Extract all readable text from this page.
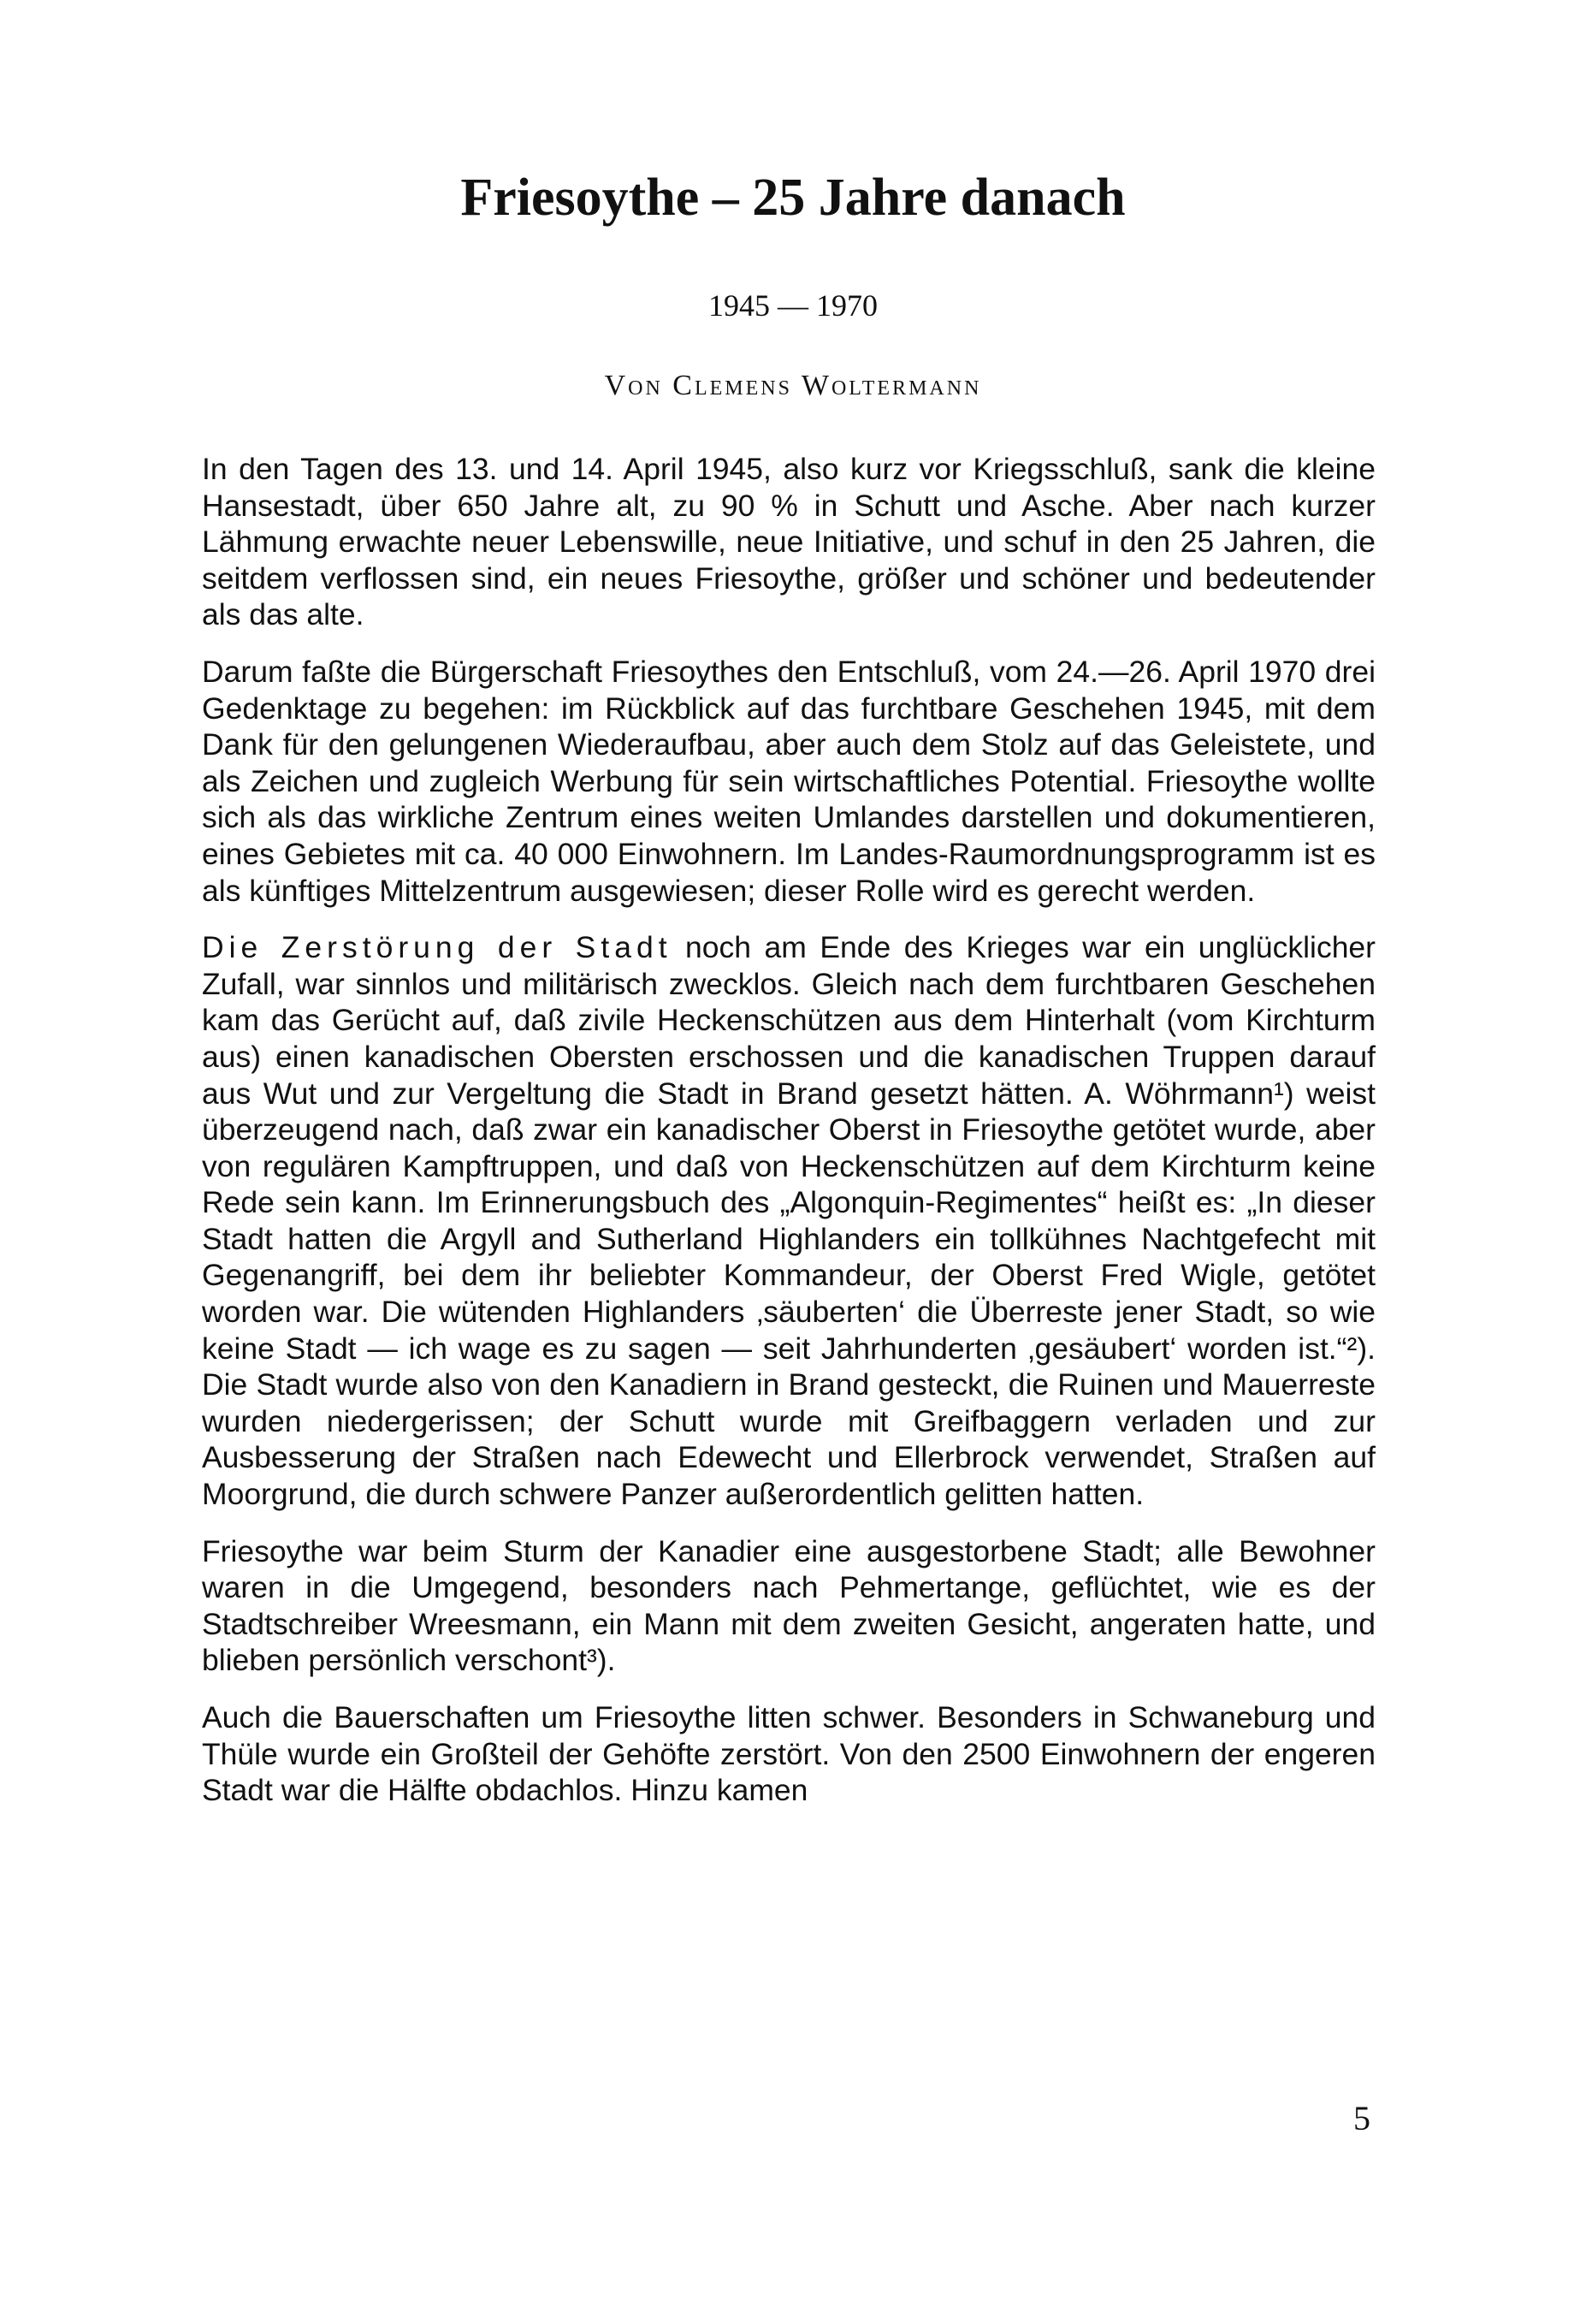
Friesoythe ‒ 25 Jahre danach
1945 — 1970
Von Clemens Woltermann

In den Tagen des 13. und 14. April 1945, also kurz vor Kriegsschluß, sank die kleine Hansestadt, über 650 Jahre alt, zu 90 % in Schutt und Asche. Aber nach kurzer Lähmung erwachte neuer Lebenswille, neue Initiative, und schuf in den 25 Jahren, die seitdem verflossen sind, ein neues Friesoythe, größer und schöner und bedeutender als das alte.

Darum faßte die Bürgerschaft Friesoythes den Entschluß, vom 24.—26. April 1970 drei Gedenktage zu begehen: im Rückblick auf das furchtbare Geschehen 1945, mit dem Dank für den gelungenen Wiederaufbau, aber auch dem Stolz auf das Geleistete, und als Zeichen und zugleich Werbung für sein wirtschaftliches Potential. Friesoythe wollte sich als das wirkliche Zentrum eines weiten Umlandes darstellen und dokumentieren, eines Gebietes mit ca. 40 000 Einwohnern. Im Landes-Raumordnungsprogramm ist es als künftiges Mittelzentrum ausgewiesen; dieser Rolle wird es gerecht werden.

Die Zerstörung der Stadt noch am Ende des Krieges war ein unglücklicher Zufall, war sinnlos und militärisch zwecklos. Gleich nach dem furchtbaren Geschehen kam das Gerücht auf, daß zivile Heckenschützen aus dem Hinterhalt (vom Kirchturm aus) einen kanadischen Obersten erschossen und die kanadischen Truppen darauf aus Wut und zur Vergeltung die Stadt in Brand gesetzt hätten. A. Wöhrmann¹) weist überzeugend nach, daß zwar ein kanadischer Oberst in Friesoythe getötet wurde, aber von regulären Kampftruppen, und daß von Heckenschützen auf dem Kirchturm keine Rede sein kann. Im Erinnerungsbuch des „Algonquin-Regimentes“ heißt es: „In dieser Stadt hatten die Argyll and Sutherland Highlanders ein tollkühnes Nachtgefecht mit Gegenangriff, bei dem ihr beliebter Kommandeur, der Oberst Fred Wigle, getötet worden war. Die wütenden Highlanders ‚säuberten‘ die Überreste jener Stadt, so wie keine Stadt — ich wage es zu sagen — seit Jahrhunderten ‚gesäubert‘ worden ist.“²). Die Stadt wurde also von den Kanadiern in Brand gesteckt, die Ruinen und Mauerreste wurden niedergerissen; der Schutt wurde mit Greifbaggern verladen und zur Ausbesserung der Straßen nach Edewecht und Ellerbrock verwendet, Straßen auf Moorgrund, die durch schwere Panzer außerordentlich gelitten hatten.

Friesoythe war beim Sturm der Kanadier eine ausgestorbene Stadt; alle Bewohner waren in die Umgegend, besonders nach Pehmertange, geflüchtet, wie es der Stadtschreiber Wreesmann, ein Mann mit dem zweiten Gesicht, angeraten hatte, und blieben persönlich verschont³).

Auch die Bauerschaften um Friesoythe litten schwer. Besonders in Schwaneburg und Thüle wurde ein Großteil der Gehöfte zerstört. Von den 2500 Einwohnern der engeren Stadt war die Hälfte obdachlos. Hinzu kamen

5
